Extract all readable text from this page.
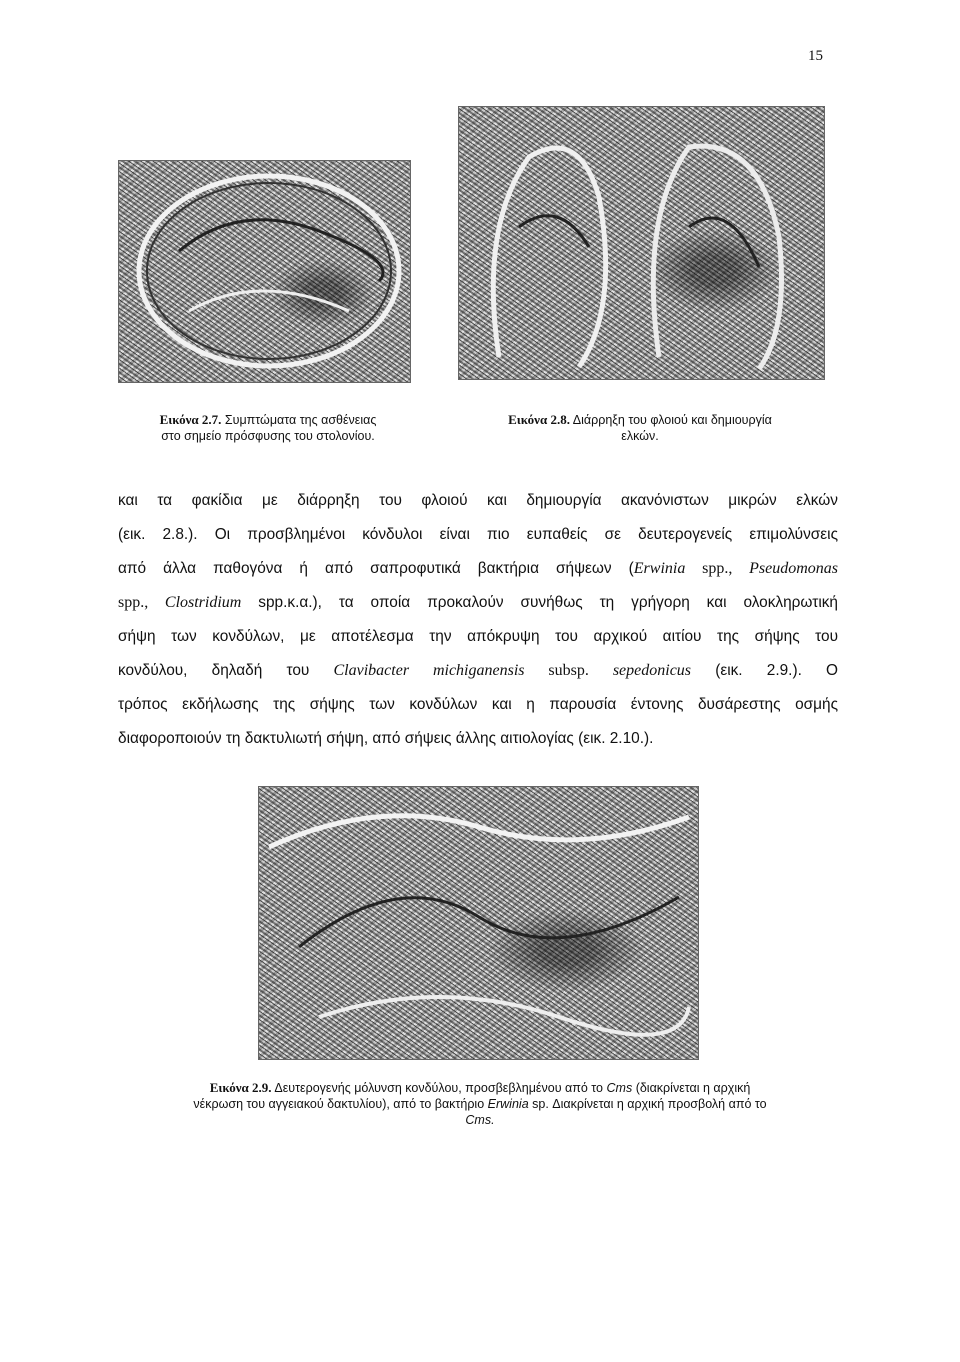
15
Εικόνα 2.7. Συμπτώματα της ασθένειας
στο σημείο πρόσφυσης του στολονίου.
Εικόνα 2.8. Διάρρηξη του φλοιού και δημιουργία
ελκών.
και τα φακίδια με διάρρηξη του φλοιού και δημιουργία ακανόνιστων μικρών ελκών
(εικ. 2.8.). Οι προσβλημένοι κόνδυλοι είναι πιο ευπαθείς σε δευτερογενείς επιμολύνσεις
από άλλα παθογόνα ή από σαπροφυτικά βακτήρια σήψεων (Erwinia spp., Pseudomonas
spp., Clostridium spp.κ.α.), τα οποία προκαλούν συνήθως τη γρήγορη και ολοκληρωτική
σήψη των κονδύλων, με αποτέλεσμα την απόκρυψη του αρχικού αιτίου της σήψης του
κονδύλου, δηλαδή του Clavibacter michiganensis subsp. sepedonicus (εικ. 2.9.). Ο
τρόπος εκδήλωσης της σήψης των κονδύλων και η παρουσία έντονης δυσάρεστης οσμής
διαφοροποιούν τη δακτυλιωτή σήψη, από σήψεις άλλης αιτιολογίας (εικ. 2.10.).
Εικόνα 2.9. Δευτερογενής μόλυνση κονδύλου, προσβεβλημένου από το Cms (διακρίνεται η αρχική
νέκρωση του αγγειακού δακτυλίου), από το βακτήριο Erwinia sp. Διακρίνεται η αρχική προσβολή από το
Cms.
